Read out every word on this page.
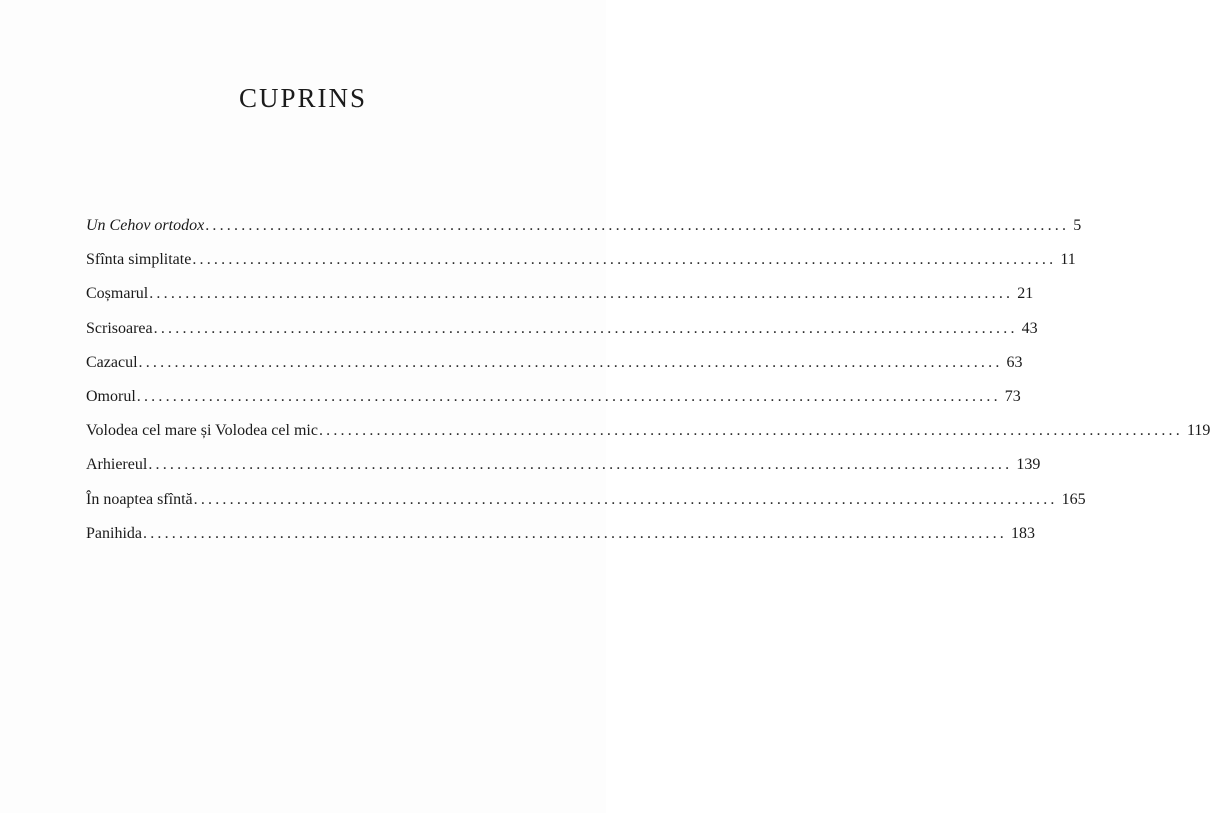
CUPRINS
Un Cehov ortodox ........................................................................................................................ 5
Sfînta simplitate ........................................................................................................................ 11
Coșmarul ........................................................................................................................ 21
Scrisoarea ........................................................................................................................ 43
Cazacul ........................................................................................................................ 63
Omorul ........................................................................................................................ 73
Volodea cel mare și Volodea cel mic ........................................................................................................................ 119
Arhiereul ........................................................................................................................ 139
În noaptea sfîntă ........................................................................................................................ 165
Panihida ........................................................................................................................ 183
